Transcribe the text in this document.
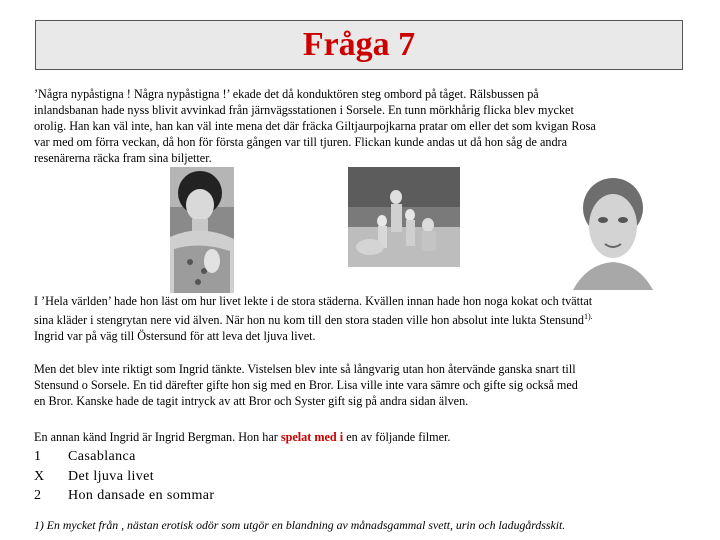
Fråga 7

’Några nypåstigna ! Några nypåstigna !’ ekade det då konduktören steg ombord på tåget. Rälsbussen på
inlandsbanan hade nyss blivit avvinkad från järnvägsstationen i Sorsele. En tunn mörkhårig flicka blev mycket
orolig. Han kan väl inte, han kan väl inte mena det där fräcka Giltjaurpojkarna pratar om eller det som kvigan Rosa
var med om förra veckan, då hon för första gången var till tjuren. Flickan kunde andas ut då hon såg de andra
resenärerna räcka fram sina biljetter.

I ’Hela världen’ hade hon läst om hur livet lekte i de stora städerna. Kvällen innan hade hon noga kokat och tvättat
sina kläder i stengrytan nere vid älven. När hon nu kom till den stora staden ville hon absolut inte lukta Stensund$^{1).}$
Ingrid var på väg till Östersund för att leva det ljuva livet.

Men det blev inte riktigt som Ingrid tänkte. Vistelsen blev inte så långvarig utan hon återvände ganska snart till
Stensund o Sorsele. En tid därefter gifte hon sig med en Bror. Lisa ville inte vara sämre och gifte sig också med
en Bror. Kanske hade de tagit intryck av att Bror och Syster gift sig på andra sidan älven.

En annan känd Ingrid är Ingrid Bergman. Hon har spelat med i en av följande filmer.

1	Casablanca
X	Det ljuva livet
2	Hon dansade en sommar
1) En mycket från , nästan erotisk odör som utgör en blandning av månadsgammal svett, urin och ladugårdsskit.
